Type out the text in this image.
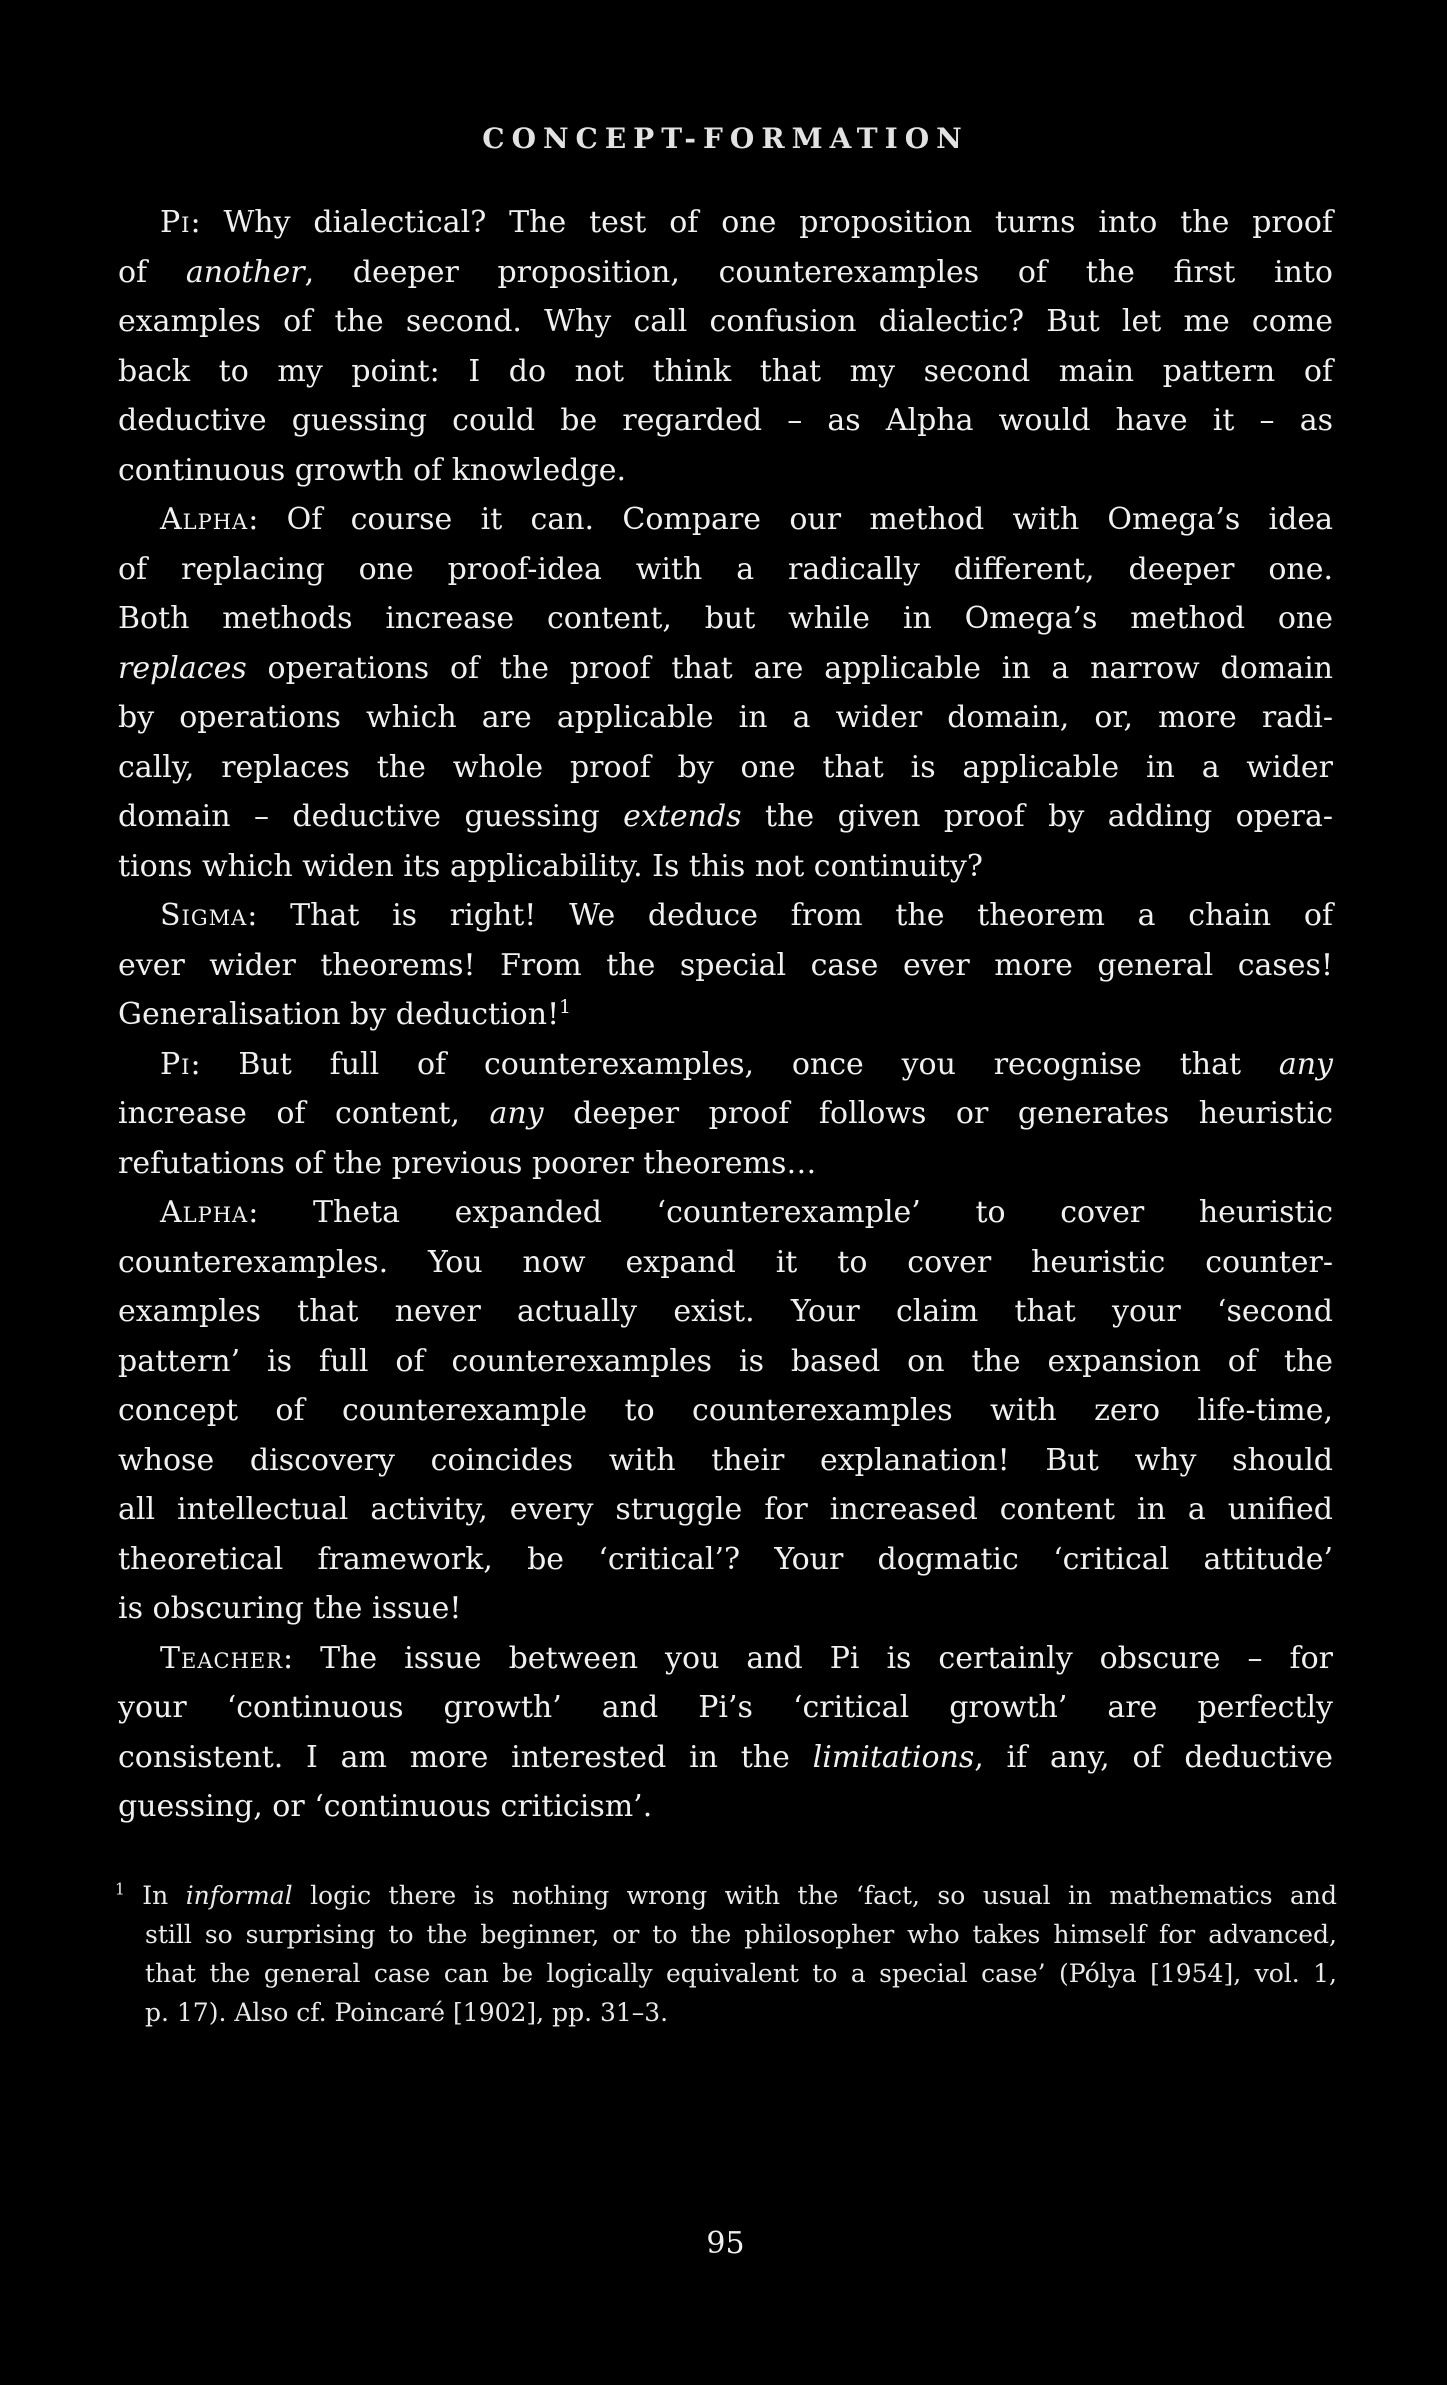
CONCEPT-FORMATION
Pi: Why dialectical? The test of one proposition turns into the proof
of another, deeper proposition, counterexamples of the first into
examples of the second. Why call confusion dialectic? But let me come
back to my point: I do not think that my second main pattern of
deductive guessing could be regarded – as Alpha would have it – as
continuous growth of knowledge.
Alpha: Of course it can. Compare our method with Omega’s idea
of replacing one proof-idea with a radically different, deeper one.
Both methods increase content, but while in Omega’s method one
replaces operations of the proof that are applicable in a narrow domain
by operations which are applicable in a wider domain, or, more radi-
cally, replaces the whole proof by one that is applicable in a wider
domain – deductive guessing extends the given proof by adding opera-
tions which widen its applicability. Is this not continuity?
Sigma: That is right! We deduce from the theorem a chain of
ever wider theorems! From the special case ever more general cases!
Generalisation by deduction!$^1$
Pi: But full of counterexamples, once you recognise that any
increase of content, any deeper proof follows or generates heuristic
refutations of the previous poorer theorems…
Alpha: Theta expanded ‘counterexample’ to cover heuristic
counterexamples. You now expand it to cover heuristic counter-
examples that never actually exist. Your claim that your ‘second
pattern’ is full of counterexamples is based on the expansion of the
concept of counterexample to counterexamples with zero life-time,
whose discovery coincides with their explanation! But why should
all intellectual activity, every struggle for increased content in a unified
theoretical framework, be ‘critical’? Your dogmatic ‘critical attitude’
is obscuring the issue!
Teacher: The issue between you and Pi is certainly obscure – for
your ‘continuous growth’ and Pi’s ‘critical growth’ are perfectly
consistent. I am more interested in the limitations, if any, of deductive
guessing, or ‘continuous criticism’.
$^1$ In informal logic there is nothing wrong with the ‘fact, so usual in mathematics and
still so surprising to the beginner, or to the philosopher who takes himself for advanced,
that the general case can be logically equivalent to a special case’ (Pólya [1954], vol. 1,
p. 17). Also cf. Poincaré [1902], pp. 31–3.
95
